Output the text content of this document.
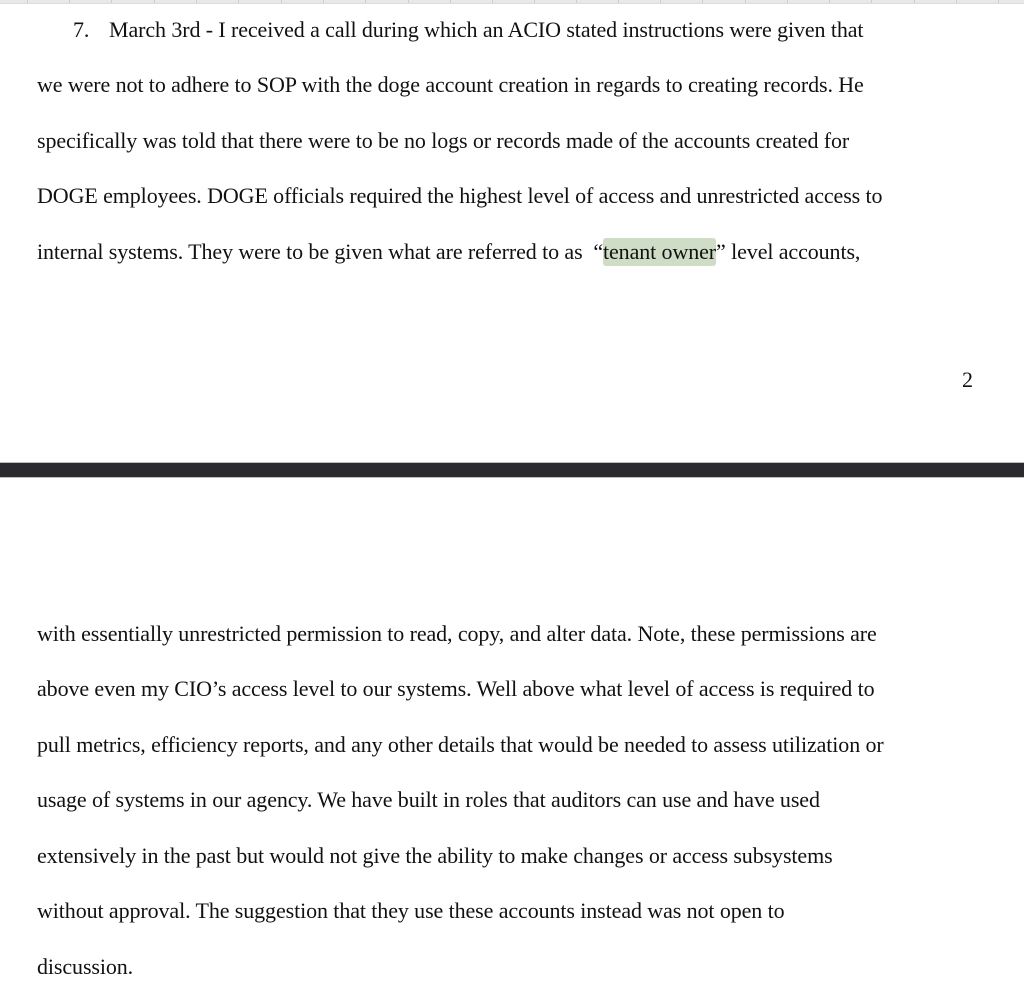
7. March 3rd - I received a call during which an ACIO stated instructions were given that
we were not to adhere to SOP with the doge account creation in regards to creating records. He
specifically was told that there were to be no logs or records made of the accounts created for
DOGE employees. DOGE officials required the highest level of access and unrestricted access to
internal systems. They were to be given what are referred to as  “tenant owner” level accounts,
2
with essentially unrestricted permission to read, copy, and alter data. Note, these permissions are
above even my CIO’s access level to our systems. Well above what level of access is required to
pull metrics, efficiency reports, and any other details that would be needed to assess utilization or
usage of systems in our agency. We have built in roles that auditors can use and have used
extensively in the past but would not give the ability to make changes or access subsystems
without approval. The suggestion that they use these accounts instead was not open to
discussion.
